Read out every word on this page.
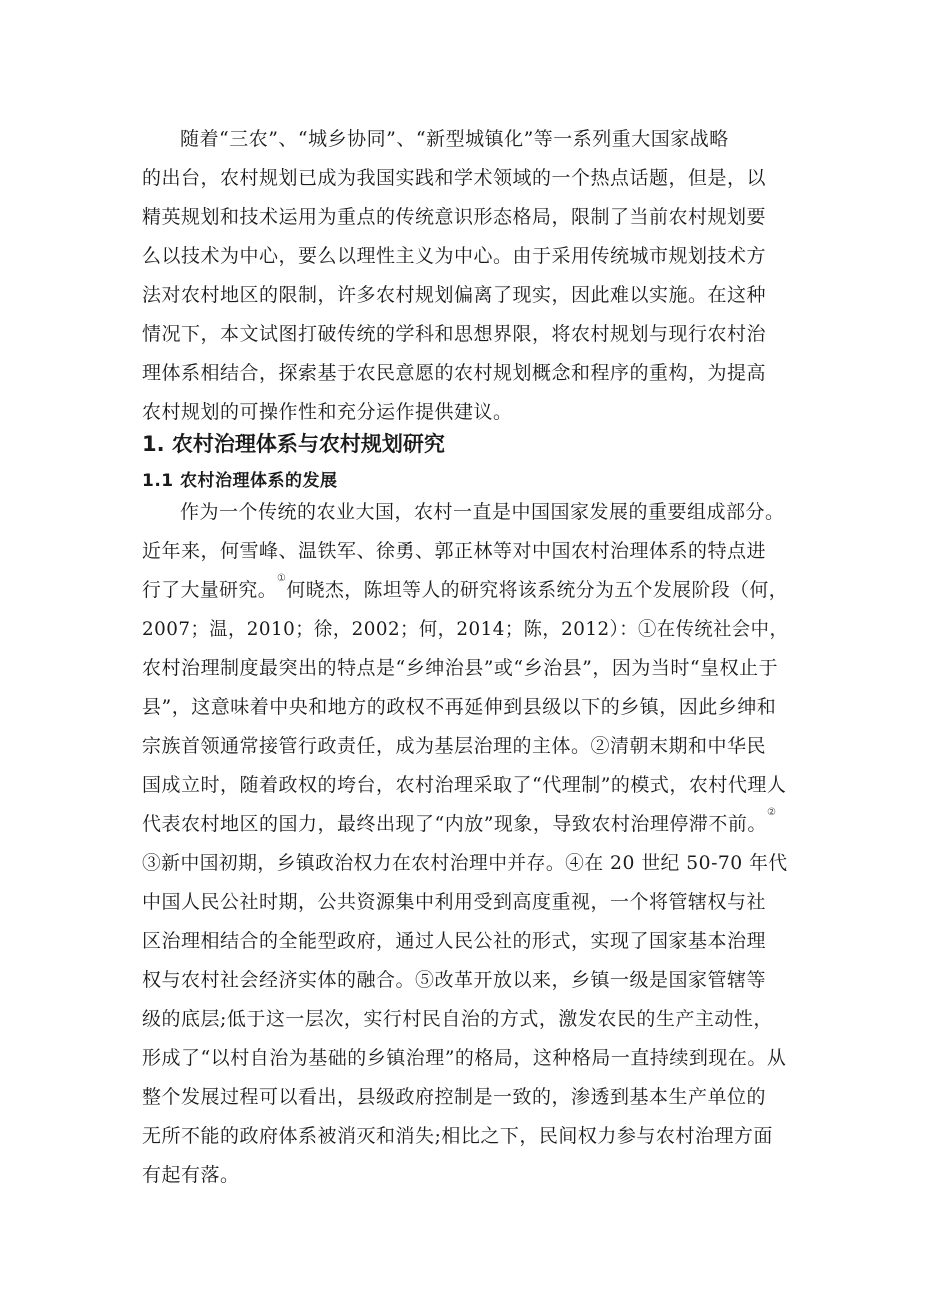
随着“三农”、“城乡协同”、“新型城镇化”等一系列重大国家战略
的出台，农村规划已成为我国实践和学术领域的一个热点话题，但是，以
精英规划和技术运用为重点的传统意识形态格局，限制了当前农村规划要
么以技术为中心，要么以理性主义为中心。由于采用传统城市规划技术方
法对农村地区的限制，许多农村规划偏离了现实，因此难以实施。在这种
情况下，本文试图打破传统的学科和思想界限，将农村规划与现行农村治
理体系相结合，探索基于农民意愿的农村规划概念和程序的重构，为提高
农村规划的可操作性和充分运作提供建议。
1. 农村治理体系与农村规划研究
1.1 农村治理体系的发展
作为一个传统的农业大国，农村一直是中国国家发展的重要组成部分。
近年来，何雪峰、温铁军、徐勇、郭正林等对中国农村治理体系的特点进
行了大量研究。①何晓杰，陈坦等人的研究将该系统分为五个发展阶段（何，
2007；温，2010；徐，2002；何，2014；陈，2012）：①在传统社会中，
农村治理制度最突出的特点是“乡绅治县”或“乡治县”，因为当时“皇权止于
县”，这意味着中央和地方的政权不再延伸到县级以下的乡镇，因此乡绅和
宗族首领通常接管行政责任，成为基层治理的主体。②清朝末期和中华民
国成立时，随着政权的垮台，农村治理采取了“代理制”的模式，农村代理人
代表农村地区的国力，最终出现了“内放”现象，导致农村治理停滞不前。②
③新中国初期，乡镇政治权力在农村治理中并存。④在 20 世纪 50-70 年代
中国人民公社时期，公共资源集中利用受到高度重视，一个将管辖权与社
区治理相结合的全能型政府，通过人民公社的形式，实现了国家基本治理
权与农村社会经济实体的融合。⑤改革开放以来，乡镇一级是国家管辖等
级的底层;低于这一层次，实行村民自治的方式，激发农民的生产主动性，
形成了“以村自治为基础的乡镇治理”的格局，这种格局一直持续到现在。从
整个发展过程可以看出，县级政府控制是一致的，渗透到基本生产单位的
无所不能的政府体系被消灭和消失;相比之下，民间权力参与农村治理方面
有起有落。
